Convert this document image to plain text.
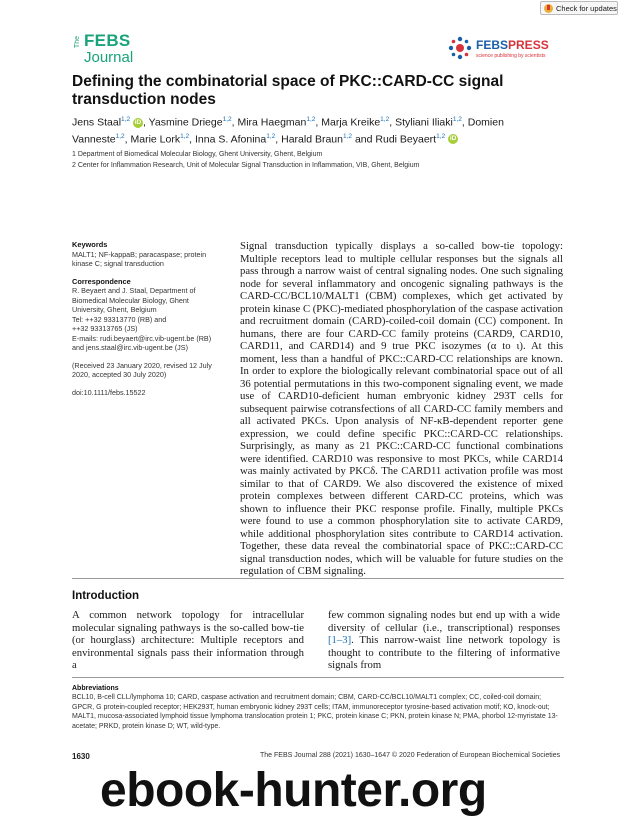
Check for updates
The FEBS
Journal
FEBSPRESS
science publishing by scientists
Defining the combinatorial space of PKC::CARD-CC signal transduction nodes
Jens Staal$^{1,2}$ iD , Yasmine Driege$^{1,2}$, Mira Haegman$^{1,2}$, Marja Kreike$^{1,2}$, Styliani Iliaki$^{1,2}$, Domien Vanneste$^{1,2}$, Marie Lork$^{1,2}$, Inna S. Afonina$^{1,2}$, Harald Braun$^{1,2}$ and Rudi Beyaert$^{1,2}$ iD
1 Department of Biomedical Molecular Biology, Ghent University, Ghent, Belgium
2 Center for Inflammation Research, Unit of Molecular Signal Transduction in Inflammation, VIB, Ghent, Belgium

Keywords

MALT1; NF-kappaB; paracaspase; protein kinase C; signal transduction

Correspondence

R. Beyaert and J. Staal, Department of

Biomedical Molecular Biology, Ghent

University, Ghent, Belgium

Tel: ++32 93313770 (RB) and

++32 93313765 (JS)

E-mails: rudi.beyaert@irc.vib-ugent.be (RB)

and jens.staal@irc.vib-ugent.be (JS)

(Received 23 January 2020, revised 12 July 2020, accepted 30 July 2020)

doi:10.1111/febs.15522

Signal transduction typically displays a so-called bow-tie topology: Multiple receptors lead to multiple cellular responses but the signals all pass through a narrow waist of central signaling nodes. One such signaling node for several inflammatory and oncogenic signaling pathways is the CARD-CC/BCL10/MALT1 (CBM) complexes, which get activated by protein kinase C (PKC)-mediated phosphorylation of the caspase activation and recruitment domain (CARD)-coiled-coil domain (CC) component. In humans, there are four CARD-CC family proteins (CARD9, CARD10, CARD11, and CARD14) and 9 true PKC isozymes (α to ι). At this moment, less than a handful of PKC::CARD-CC relationships are known. In order to explore the biologically relevant combinatorial space out of all 36 potential permutations in this two-component signaling event, we made use of CARD10-deficient human embryonic kidney 293T cells for subsequent pairwise cotransfections of all CARD-CC family members and all activated PKCs. Upon analysis of NF-κB-dependent reporter gene expression, we could define specific PKC::CARD-CC relationships. Surprisingly, as many as 21 PKC::CARD-CC functional combinations were identified. CARD10 was responsive to most PKCs, while CARD14 was mainly activated by PKCδ. The CARD11 activation profile was most similar to that of CARD9. We also discovered the existence of mixed protein complexes between different CARD-CC proteins, which was shown to influence their PKC response profile. Finally, multiple PKCs were found to use a common phosphorylation site to activate CARD9, while additional phosphorylation sites contribute to CARD14 activation. Together, these data reveal the combinatorial space of PKC::CARD-CC signal transduction nodes, which will be valuable for future studies on the regulation of CBM signaling.

Introduction

A common network topology for intracellular molecular signaling pathways is the so-called bow-tie (or hourglass) architecture: Multiple receptors and environmental signals pass their information through a

few common signaling nodes but end up with a wide diversity of cellular (i.e., transcriptional) responses [1–3]. This narrow-waist line network topology is thought to contribute to the filtering of informative signals from

Abbreviations
BCL10, B-cell CLL/lymphoma 10; CARD, caspase activation and recruitment domain; CBM, CARD-CC/BCL10/MALT1 complex; CC, coiled-coil domain; GPCR, G protein-coupled receptor; HEK293T, human embryonic kidney 293T cells; ITAM, immunoreceptor tyrosine-based activation motif; KO, knock-out; MALT1, mucosa-associated lymphoid tissue lymphoma translocation protein 1; PKC, protein kinase C; PKN, protein kinase N; PMA, phorbol 12-myristate 13-acetate; PRKD, protein kinase D; WT, wild-type.
1630	The FEBS Journal 288 (2021) 1630–1647 © 2020 Federation of European Biochemical Societies
ebook-hunter.org
